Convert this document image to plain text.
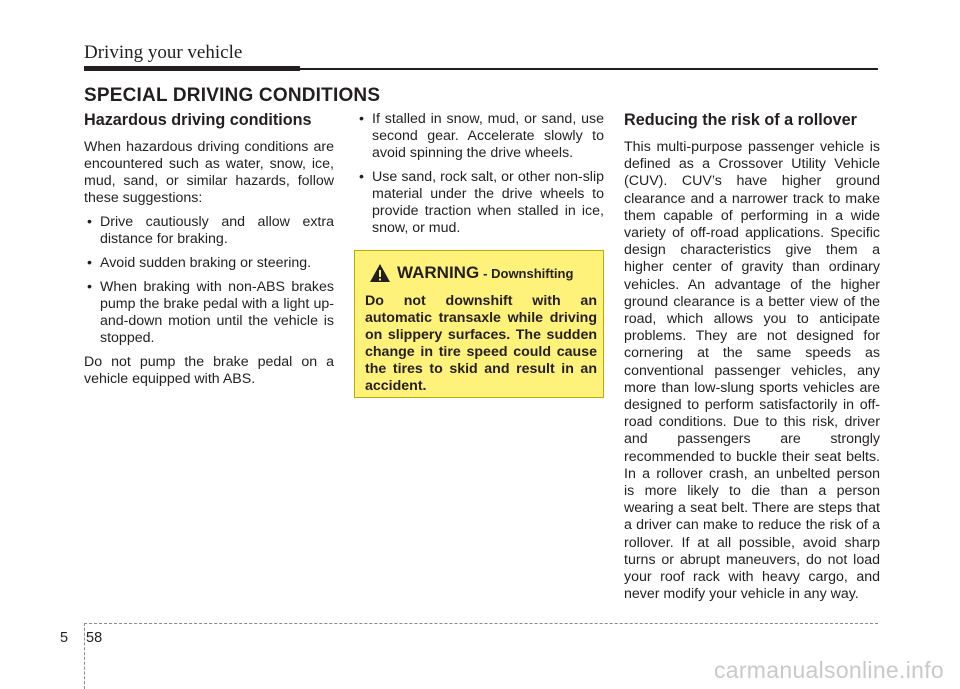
Driving your vehicle
SPECIAL DRIVING CONDITIONS
Hazardous driving conditions

When hazardous driving conditions are encountered such as water, snow, ice, mud, sand, or similar hazards, follow these suggestions:

• Drive cautiously and allow extra distance for braking.
• Avoid sudden braking or steering.
• When braking with non-ABS brakes pump the brake pedal with a light up-and-down motion until the vehicle is stopped.

Do not pump the brake pedal on a vehicle equipped with ABS.

• If stalled in snow, mud, or sand, use second gear. Accelerate slowly to avoid spinning the drive wheels.
• Use sand, rock salt, or other non-slip material under the drive wheels to provide traction when stalled in ice, snow, or mud.
WARNING - Downshifting
Do not downshift with an automatic transaxle while driving on slippery surfaces. The sudden change in tire speed could cause the tires to skid and result in an accident.
Reducing the risk of a rollover

This multi-purpose passenger vehicle is defined as a Crossover Utility Vehicle (CUV). CUV’s have higher ground clearance and a narrower track to make them capable of performing in a wide variety of off-road applications. Specific design characteristics give them a higher center of gravity than ordinary vehicles. An advantage of the higher ground clearance is a better view of the road, which allows you to anticipate problems. They are not designed for cornering at the same speeds as conventional passenger vehicles, any more than low-slung sports vehicles are designed to perform satisfactorily in off-road conditions. Due to this risk, driver and passengers are strongly recommended to buckle their seat belts. In a rollover crash, an unbelted person is more likely to die than a person wearing a seat belt. There are steps that a driver can make to reduce the risk of a rollover. If at all possible, avoid sharp turns or abrupt maneuvers, do not load your roof rack with heavy cargo, and never modify your vehicle in any way.

5 58
carmanualsonline.info
